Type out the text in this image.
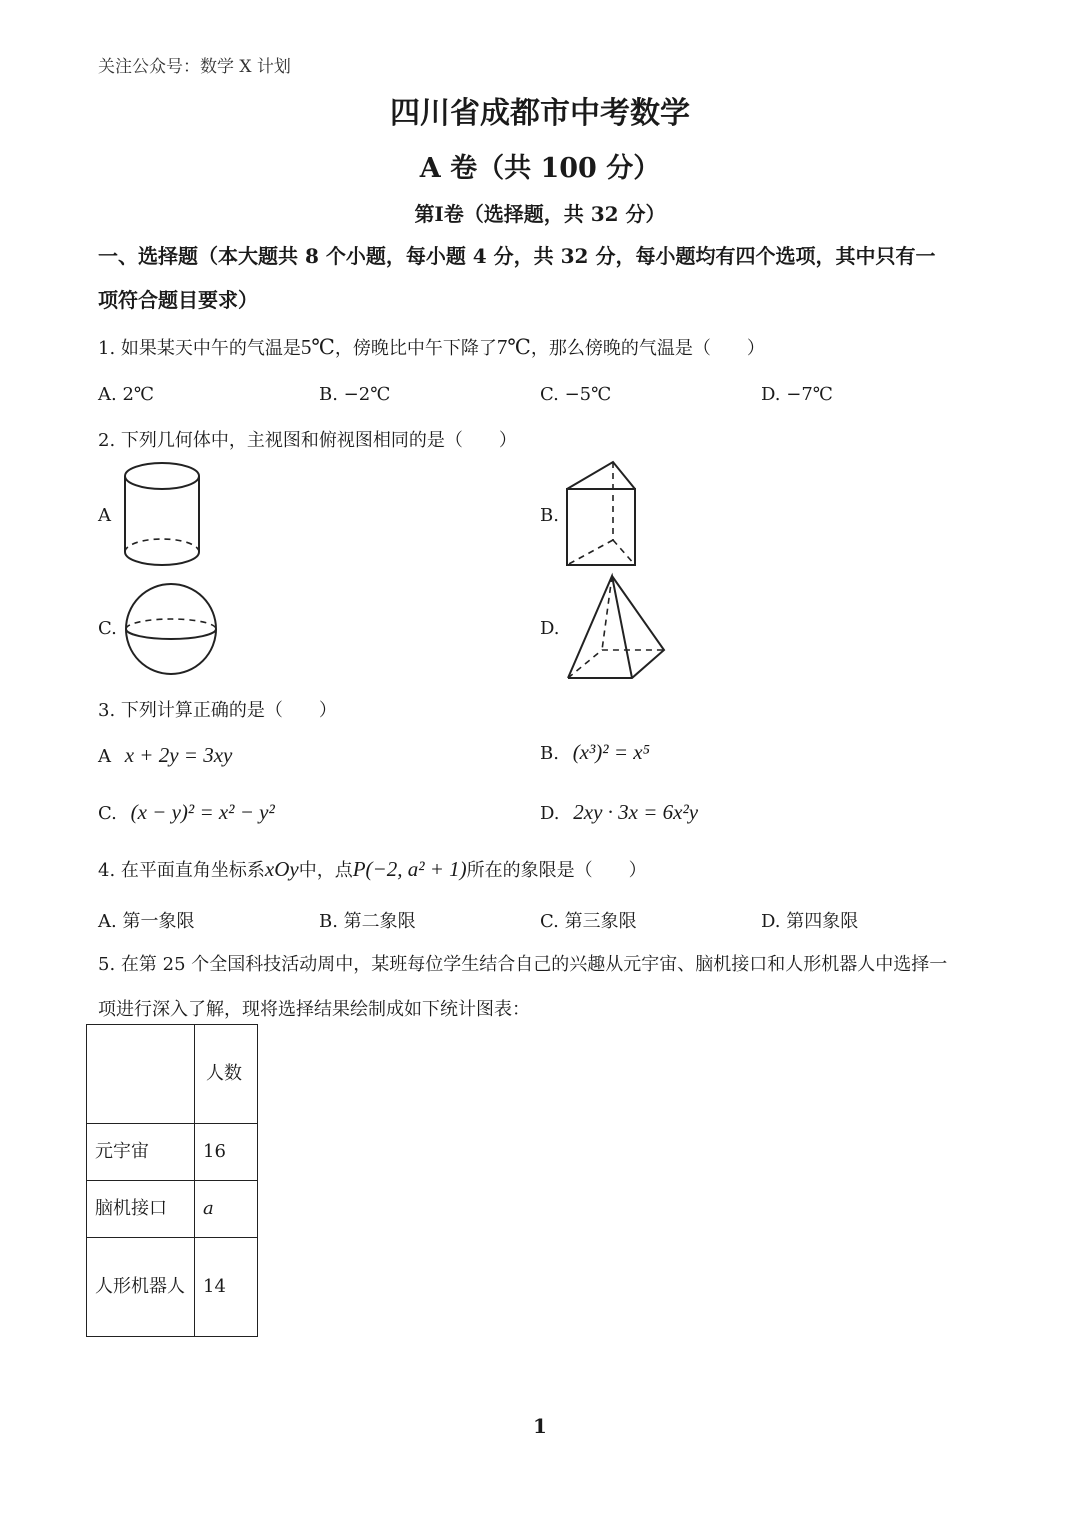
关注公众号：数学 X 计划
四川省成都市中考数学
A 卷（共 100 分）
第Ⅰ卷（选择题，共 32 分）
一、选择题（本大题共 8 个小题，每小题 4 分，共 32 分，每小题均有四个选项，其中只有一
项符合题目要求）
1. 如果某天中午的气温是5℃，傍晚比中午下降了7℃，那么傍晚的气温是（　　）
A. 2℃	B. −2℃	C. −5℃	D. −7℃
2. 下列几何体中，主视图和俯视图相同的是（　　）
A	B.
C.	D.
3. 下列计算正确的是（　　）
A x + 2y = 3xy	B. (x³)² = x⁵
C. (x − y)² = x² − y²	D. 2xy · 3x = 6x²y
4. 在平面直角坐标系xOy中，点P(−2, a² + 1)所在的象限是（　　）
A. 第一象限	B. 第二象限	C. 第三象限	D. 第四象限
5. 在第 25 个全国科技活动周中，某班每位学生结合自己的兴趣从元宇宙、脑机接口和人形机器人中选择一
项进行深入了解，现将选择结果绘制成如下统计图表：
	人数
元宇宙	16
脑机接口	a
人形机器人	14
1
